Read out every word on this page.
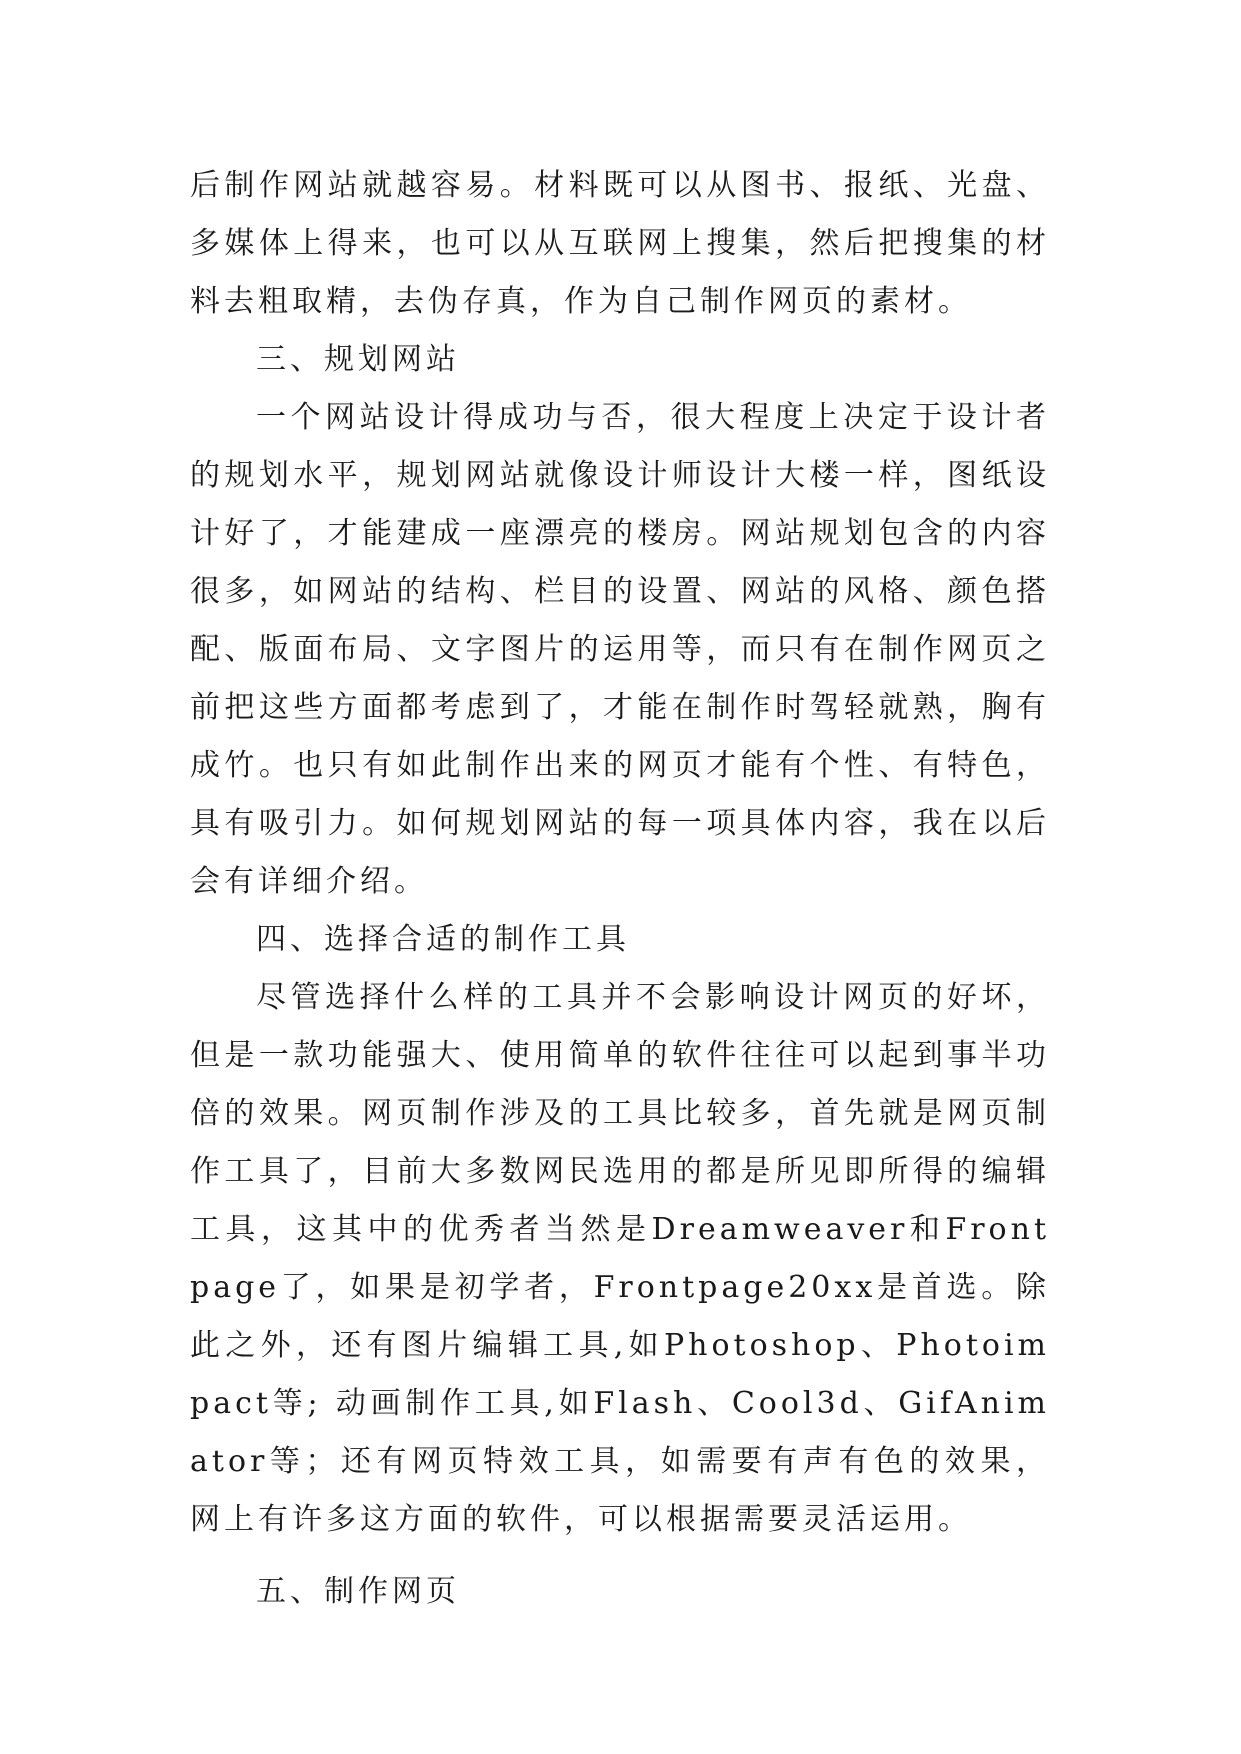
后制作网站就越容易。材料既可以从图书、报纸、光盘、多媒体上得来，也可以从互联网上搜集，然后把搜集的材料去粗取精，去伪存真，作为自己制作网页的素材。

三、规划网站

一个网站设计得成功与否，很大程度上决定于设计者的规划水平，规划网站就像设计师设计大楼一样，图纸设计好了，才能建成一座漂亮的楼房。网站规划包含的内容很多，如网站的结构、栏目的设置、网站的风格、颜色搭配、版面布局、文字图片的运用等，而只有在制作网页之前把这些方面都考虑到了，才能在制作时驾轻就熟，胸有成竹。也只有如此制作出来的网页才能有个性、有特色，具有吸引力。如何规划网站的每一项具体内容，我在以后会有详细介绍。

四、选择合适的制作工具

尽管选择什么样的工具并不会影响设计网页的好坏，但是一款功能强大、使用简单的软件往往可以起到事半功倍的效果。网页制作涉及的工具比较多，首先就是网页制作工具了，目前大多数网民选用的都是所见即所得的编辑工具，这其中的优秀者当然是Dreamweaver和Frontpage了，如果是初学者，Frontpage20xx是首选。除此之外，还有图片编辑工具,如Photoshop、Photoimpact等; 动画制作工具,如Flash、Cool3d、GifAnimator等；还有网页特效工具，如需要有声有色的效果，网上有许多这方面的软件，可以根据需要灵活运用。

五、制作网页
